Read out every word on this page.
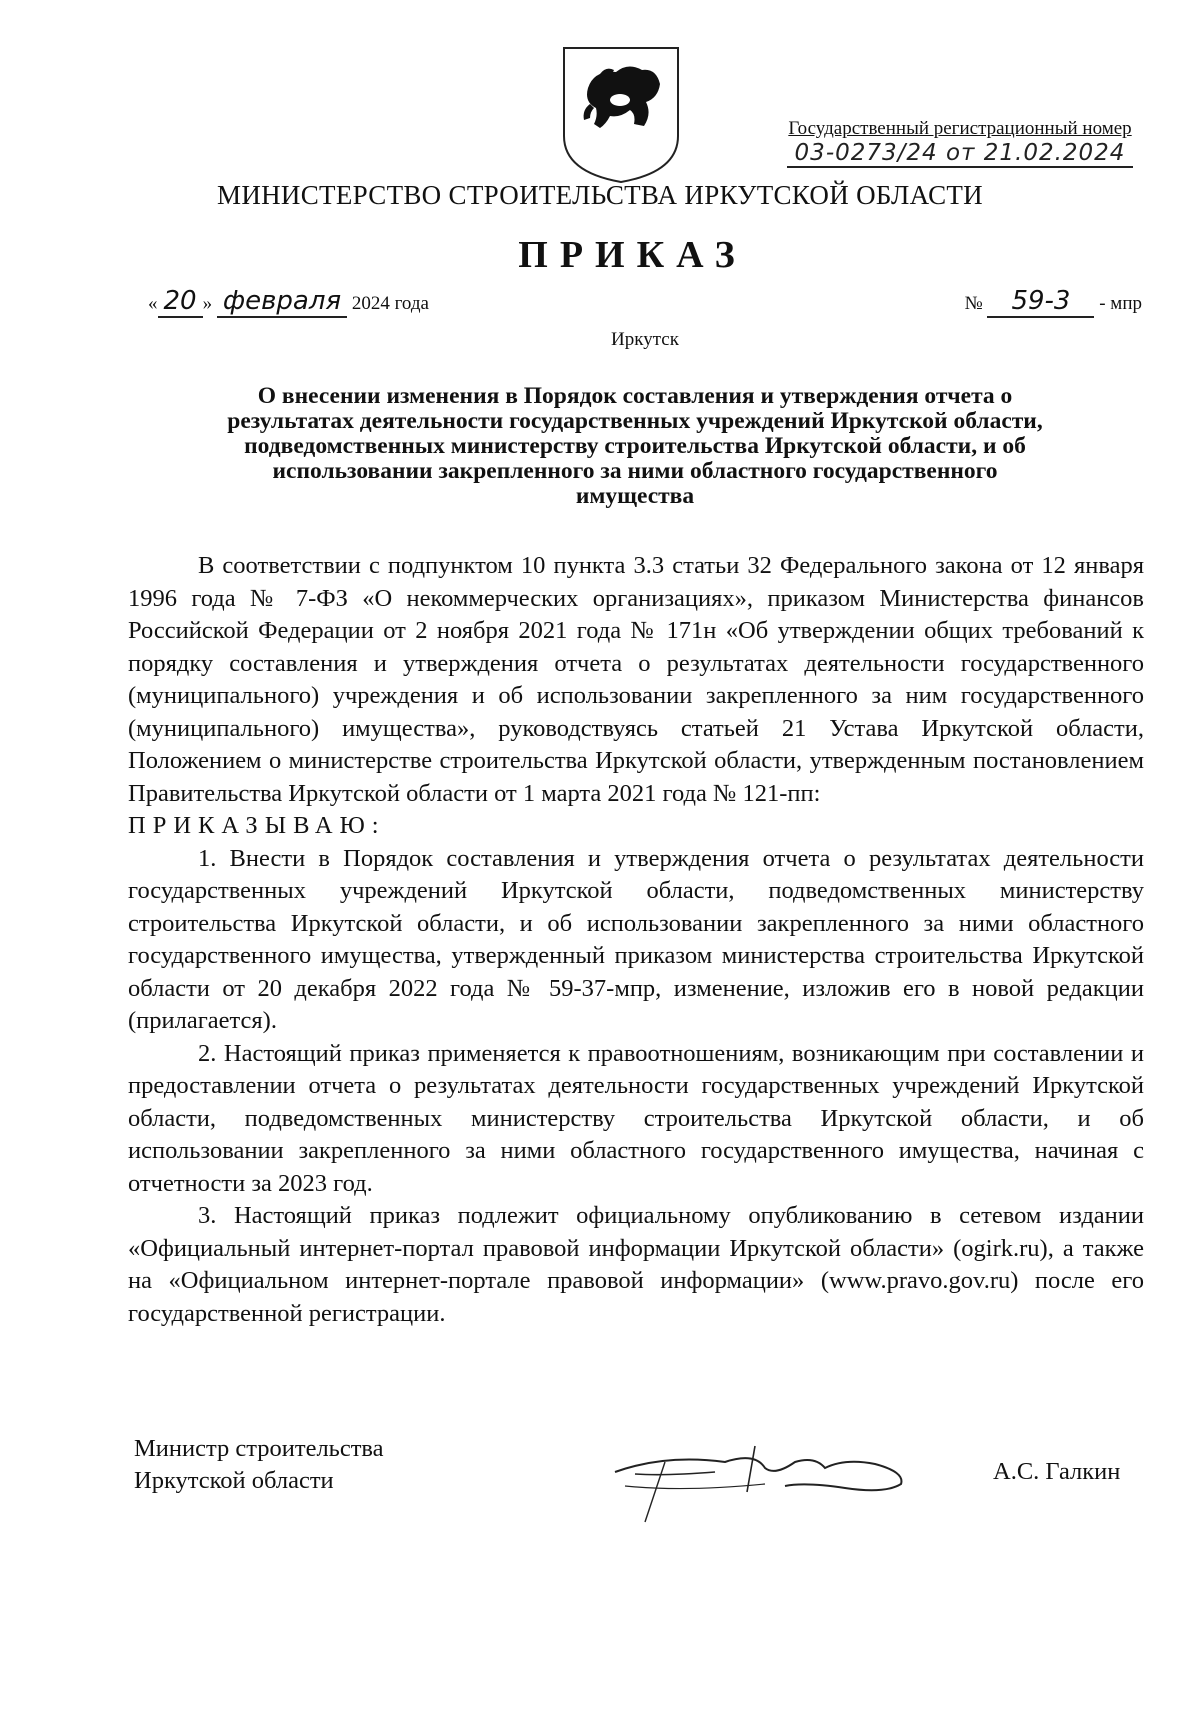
Государственный регистрационный номер
03-0273/24 от 21.02.2024
МИНИСТЕРСТВО СТРОИТЕЛЬСТВА ИРКУТСКОЙ ОБЛАСТИ
ПРИКАЗ
« 20 » февраля 2024 года	№ 59-3 - мпр
Иркутск
О внесении изменения в Порядок составления и утверждения отчета о
результатах деятельности государственных учреждений Иркутской области,
подведомственных министерству строительства Иркутской области, и об
использовании закрепленного за ними областного государственного
имущества

В соответствии с подпунктом 10 пункта 3.3 статьи 32 Федерального закона от 12 января 1996 года № 7-ФЗ «О некоммерческих организациях», приказом Министерства финансов Российской Федерации от 2 ноября 2021 года № 171н «Об утверждении общих требований к порядку составления и утверждения отчета о результатах деятельности государственного (муниципального) учреждения и об использовании закрепленного за ним государственного (муниципального) имущества», руководствуясь статьей 21 Устава Иркутской области, Положением о министерстве строительства Иркутской области, утвержденным постановлением Правительства Иркутской области от 1 марта 2021 года № 121-пп:

ПРИКАЗЫВАЮ:

1. Внести в Порядок составления и утверждения отчета о результатах деятельности государственных учреждений Иркутской области, подведомственных министерству строительства Иркутской области, и об использовании закрепленного за ними областного государственного имущества, утвержденный приказом министерства строительства Иркутской области от 20 декабря 2022 года № 59-37-мпр, изменение, изложив его в новой редакции (прилагается).

2. Настоящий приказ применяется к правоотношениям, возникающим при составлении и предоставлении отчета о результатах деятельности государственных учреждений Иркутской области, подведомственных министерству строительства Иркутской области, и об использовании закрепленного за ними областного государственного имущества, начиная с отчетности за 2023 год.

3. Настоящий приказ подлежит официальному опубликованию в сетевом издании «Официальный интернет-портал правовой информации Иркутской области» (ogirk.ru), а также на «Официальном интернет-портале правовой информации» (www.pravo.gov.ru) после его государственной регистрации.

Министр строительства
Иркутской области	А.С. Галкин
